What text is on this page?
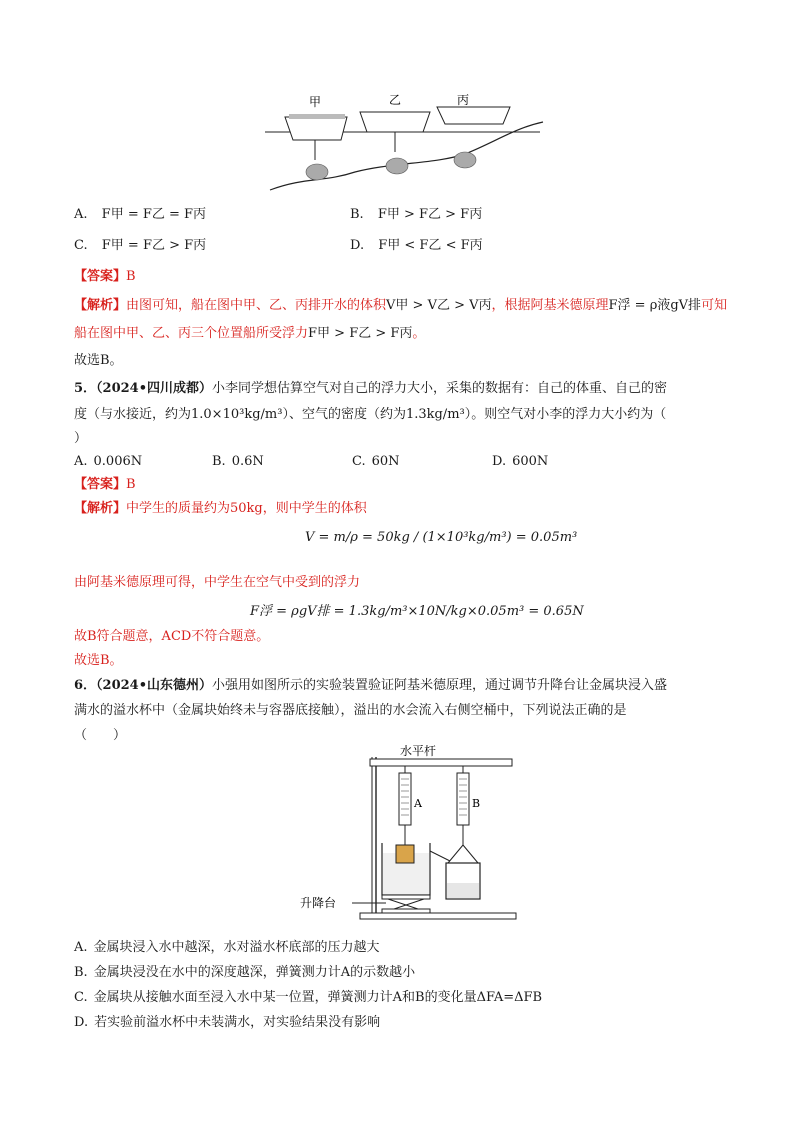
甲	乙	丙
A. F甲 = F乙 = F丙	B. F甲 > F乙 > F丙
C. F甲 = F乙 > F丙	D. F甲 < F乙 < F丙
【答案】B
【解析】由图可知，船在图中甲、乙、丙排开水的体积V甲 > V乙 > V丙，根据阿基米德原理F浮 = ρ液gV排可知
船在图中甲、乙、丙三个位置船所受浮力F甲 > F乙 > F丙。
故选B。
5．（2024•四川成都）小李同学想估算空气对自己的浮力大小，采集的数据有：自己的体重、自己的密
度（与水接近，约为1.0×10³kg/m³）、空气的密度（约为1.3kg/m³）。则空气对小李的浮力大小约为（
）
A. 0.006N	B. 0.6N	C. 60N	D. 600N
【答案】B
【解析】中学生的质量约为50kg，则中学生的体积
V = m/ρ = 50kg / (1×10³kg/m³) = 0.05m³
由阿基米德原理可得，中学生在空气中受到的浮力
F浮 = ρgV排 = 1.3kg/m³×10N/kg×0.05m³ = 0.65N
故B符合题意，ACD不符合题意。
故选B。
6．（2024•山东德州）小强用如图所示的实验装置验证阿基米德原理，通过调节升降台让金属块浸入盛
满水的溢水杯中（金属块始终未与容器底接触），溢出的水会流入右侧空桶中，下列说法正确的是
（　　）
水平杆
A	B
升降台
A. 金属块浸入水中越深，水对溢水杯底部的压力越大
B. 金属块浸没在水中的深度越深，弹簧测力计A的示数越小
C. 金属块从接触水面至浸入水中某一位置，弹簧测力计A和B的变化量ΔFA=ΔFB
D. 若实验前溢水杯中未装满水，对实验结果没有影响
